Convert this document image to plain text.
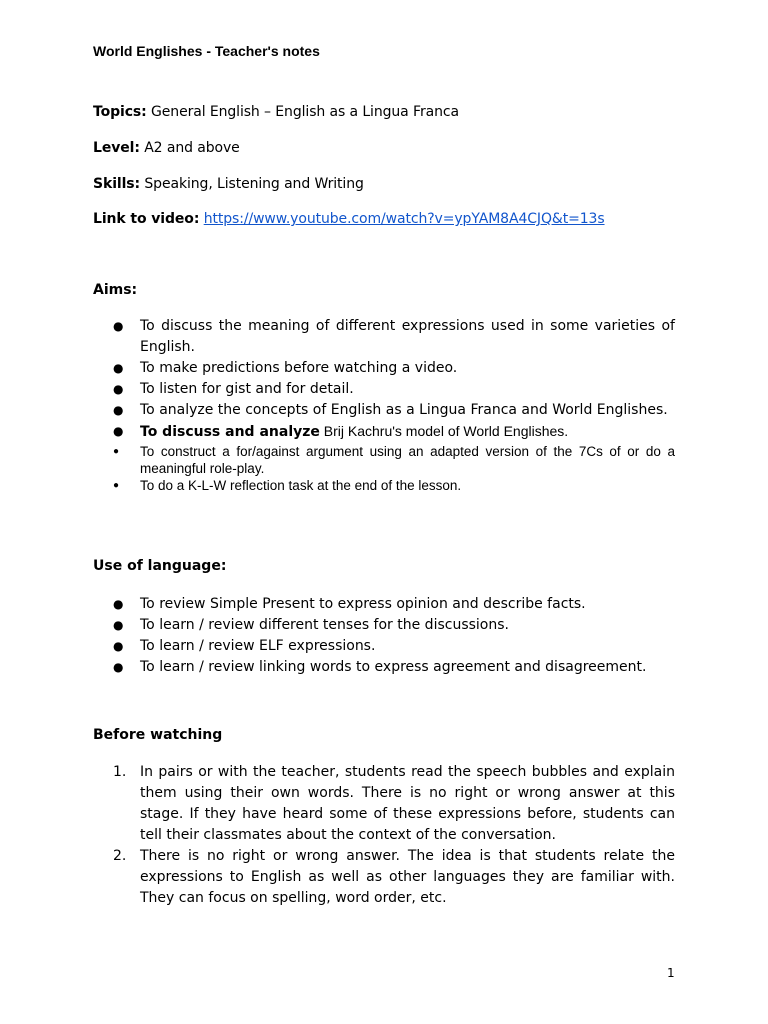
World Englishes - Teacher's notes
Topics: General English – English as a Lingua Franca
Level: A2 and above
Skills: Speaking, Listening and Writing
Link to video: https://www.youtube.com/watch?v=ypYAM8A4CJQ&t=13s
Aims:
● To discuss the meaning of different expressions used in some varieties of English.
● To make predictions before watching a video.
● To listen for gist and for detail.
● To analyze the concepts of English as a Lingua Franca and World Englishes.
● To discuss and analyze Brij Kachru's model of World Englishes.
● To construct a for/against argument using an adapted version of the 7Cs of or do a meaningful role-play.
● To do a K-L-W reflection task at the end of the lesson.
Use of language:
● To review Simple Present to express opinion and describe facts.
● To learn / review different tenses for the discussions.
● To learn / review ELF expressions.
● To learn / review linking words to express agreement and disagreement.
Before watching
1. In pairs or with the teacher, students read the speech bubbles and explain them using their own words. There is no right or wrong answer at this stage. If they have heard some of these expressions before, students can tell their classmates about the context of the conversation.
2. There is no right or wrong answer. The idea is that students relate the expressions to English as well as other languages they are familiar with. They can focus on spelling, word order, etc.
1
